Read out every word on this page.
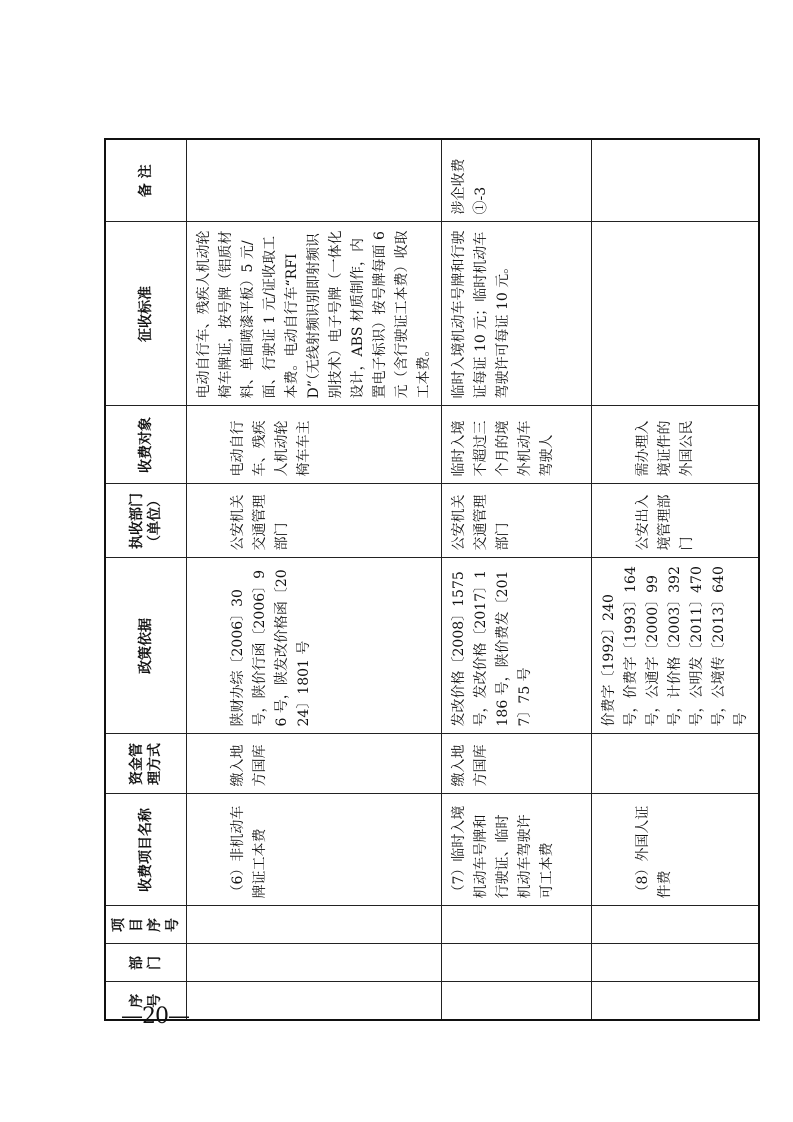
序号	部门	项目序号	收费项目名称	资金管理方式	政策依据	执收部门（单位）	收费对象	征收标准	备 注
			（6）非机动车牌证工本费	缴入地方国库	陕财办综〔2006〕30 号，陕价行函〔2006〕96 号，陕发改价格函〔2024〕1801 号	公安机关交通管理部门	电动自行车、残疾人机动轮椅车车主	电动自行车、残疾人机动轮椅车牌证，按号牌（铝质材料、单面喷漆平板）5 元/面、行驶证 1 元/证收取工本费。电动自行车“RFID”（无线射频识别即射频识别技术）电子号牌（一体化设计，ABS 材质制作，内置电子标识）按号牌每面 6 元（含行驶证工本费）收取工本费。	
			（7）临时入境机动车号牌和行驶证、临时机动车驾驶许可工本费	缴入地方国库	发改价格〔2008〕1575 号，发改价格〔2017〕1186 号，陕价费发〔2017〕75 号	公安机关交通管理部门	临时入境不超过三个月的境外机动车驾驶人	临时入境机动车号牌和行驶证每证 10 元；临时机动车驾驶许可每证 10 元。	涉企收费①-3
			（8）外国人证件费		价费字〔1992〕240 号，价费字〔1993〕164 号，公通字〔2000〕99 号，计价格〔2003〕392 号，公明发〔2011〕470 号，公境传〔2013〕640 号	公安出入境管理部门	需办理入境证件的外国公民		
—20—
